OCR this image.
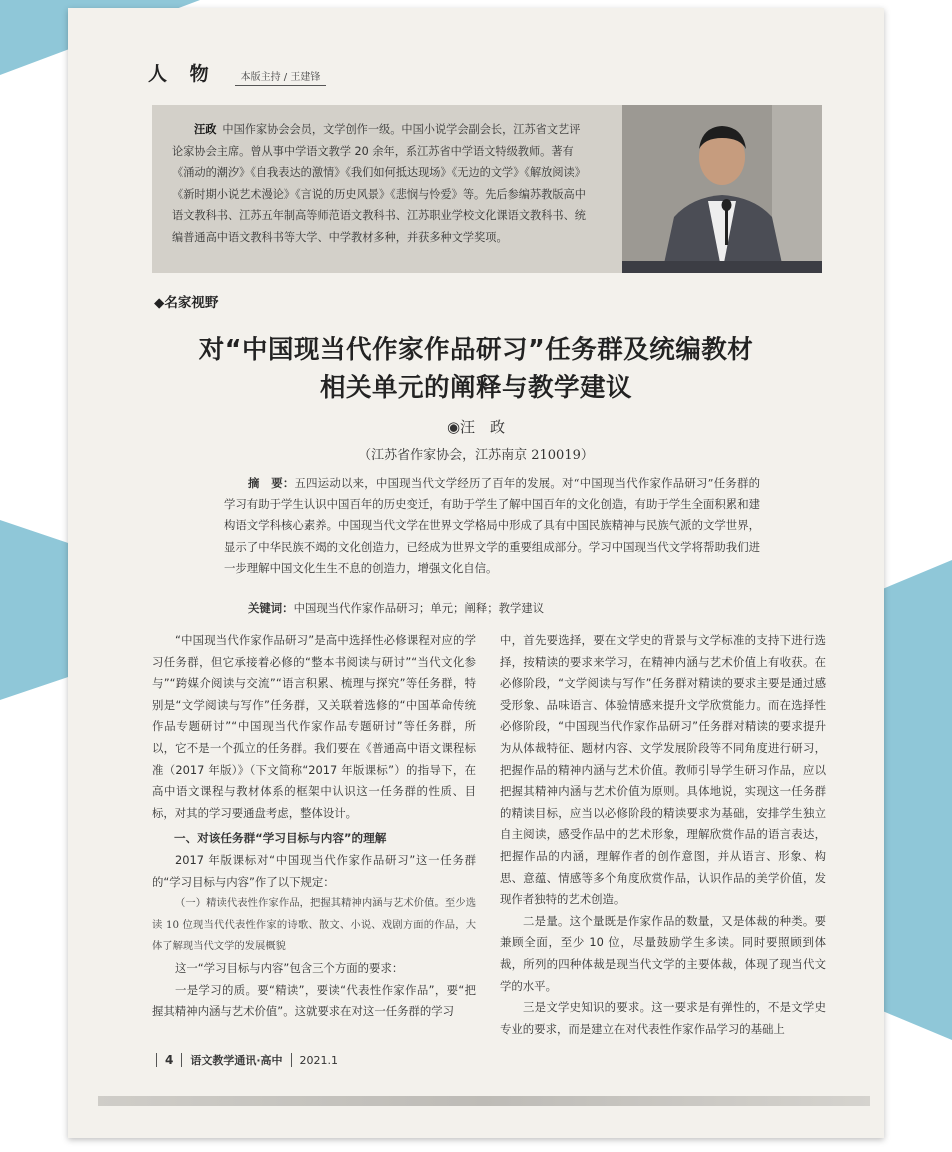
人 物	本版主持 / 王建锋
汪政 中国作家协会会员，文学创作一级。中国小说学会副会长，江苏省文艺评论家协会主席。曾从事中学语文教学 20 余年，系江苏省中学语文特级教师。著有《涌动的潮汐》《自我表达的激情》《我们如何抵达现场》《无边的文学》《解放阅读》《新时期小说艺术漫论》《言说的历史风景》《悲悯与怜爱》等。先后参编苏教版高中语文教科书、江苏五年制高等师范语文教科书、江苏职业学校文化课语文教科书、统编普通高中语文教科书等大学、中学教材多种，并获多种文学奖项。
◆名家视野
对“中国现当代作家作品研习”任务群及统编教材
相关单元的阐释与教学建议
◉汪　政
（江苏省作家协会，江苏南京 210019）
摘　要：五四运动以来，中国现当代文学经历了百年的发展。对“中国现当代作家作品研习”任务群的学习有助于学生认识中国百年的历史变迁，有助于学生了解中国百年的文化创造，有助于学生全面积累和建构语文学科核心素养。中国现当代文学在世界文学格局中形成了具有中国民族精神与民族气派的文学世界，显示了中华民族不竭的文化创造力，已经成为世界文学的重要组成部分。学习中国现当代文学将帮助我们进一步理解中国文化生生不息的创造力，增强文化自信。
关键词：中国现当代作家作品研习；单元；阐释；教学建议

“中国现当代作家作品研习”是高中选择性必修课程对应的学习任务群，但它承接着必修的“整本书阅读与研讨”“当代文化参与”“跨媒介阅读与交流”“语言积累、梳理与探究”等任务群，特别是“文学阅读与写作”任务群，又关联着选修的“中国革命传统作品专题研讨”“中国现当代作家作品专题研讨”等任务群，所以，它不是一个孤立的任务群。我们要在《普通高中语文课程标准（2017 年版）》（下文简称“2017 年版课标”）的指导下，在高中语文课程与教材体系的框架中认识这一任务群的性质、目标，对其的学习要通盘考虑，整体设计。

一、对该任务群“学习目标与内容”的理解

2017 年版课标对“中国现当代作家作品研习”这一任务群的“学习目标与内容”作了以下规定：

（一）精读代表性作家作品，把握其精神内涵与艺术价值。至少选读 10 位现当代代表性作家的诗歌、散文、小说、戏剧方面的作品，大体了解现当代文学的发展概貌

这一“学习目标与内容”包含三个方面的要求：

一是学习的质。要“精读”，要读“代表性作家作品”，要“把握其精神内涵与艺术价值”。这就要求在对这一任务群的学习

中，首先要选择，要在文学史的背景与文学标准的支持下进行选择，按精读的要求来学习，在精神内涵与艺术价值上有收获。在必修阶段，“文学阅读与写作”任务群对精读的要求主要是通过感受形象、品味语言、体验情感来提升文学欣赏能力。而在选择性必修阶段，“中国现当代作家作品研习”任务群对精读的要求提升为从体裁特征、题材内容、文学发展阶段等不同角度进行研习，把握作品的精神内涵与艺术价值。教师引导学生研习作品，应以把握其精神内涵与艺术价值为原则。具体地说，实现这一任务群的精读目标，应当以必修阶段的精读要求为基础，安排学生独立自主阅读，感受作品中的艺术形象，理解欣赏作品的语言表达，把握作品的内涵，理解作者的创作意图，并从语言、形象、构思、意蕴、情感等多个角度欣赏作品，认识作品的美学价值，发现作者独特的艺术创造。

二是量。这个量既是作家作品的数量，又是体裁的种类。要兼顾全面，至少 10 位，尽量鼓励学生多读。同时要照顾到体裁，所列的四种体裁是现当代文学的主要体裁，体现了现当代文学的水平。

三是文学史知识的要求。这一要求是有弹性的，不是文学史专业的要求，而是建立在对代表性作家作品学习的基础上

4 语文教学通讯·高中 2021.1
